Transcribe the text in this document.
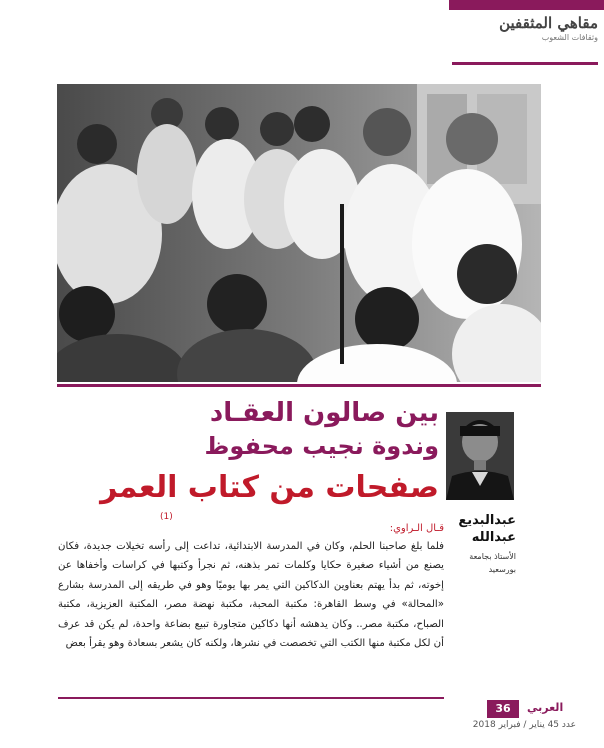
مقاهي المثقفين
وثقافات الشعوب
بين صالون العقـاد
وندوة نجيب محفوظ
صفحات من كتاب العمر
عبدالبديع
عبدالله
الأستاذ بجامعة
بورسعيد
(1)
قـال الـراوي:

فلما بلغ صاحبنا الحلم، وكان في المدرسة الابتدائية، تداعت إلى رأسه تخيلات جديدة، فكان يصنع من أشياء صغيرة حكايا وكلمات تمر بذهنه، ثم نجرأ وكتبها في كراسات وأخفاها عن إخوته، ثم بدأ يهتم بعناوين الدكاكين التي يمر بها يوميًا وهو في طريقه إلى المدرسة بشارع «المحالة» في وسط القاهرة: مكتبة المحبة، مكتبة نهضة مصر، المكتبة العزيزية، مكتبة الصباح، مكتبة مصر.. وكان يدهشه أنها دكاكين متجاورة تبيع بضاعة واحدة، لم يكن قد عرف أن لكل مكتبة منها الكتب التي تخصصت في نشرها، ولكنه كان يشعر بسعادة وهو يقرأ بعض

36	العربي
عدد 45 يناير / فبراير 2018
